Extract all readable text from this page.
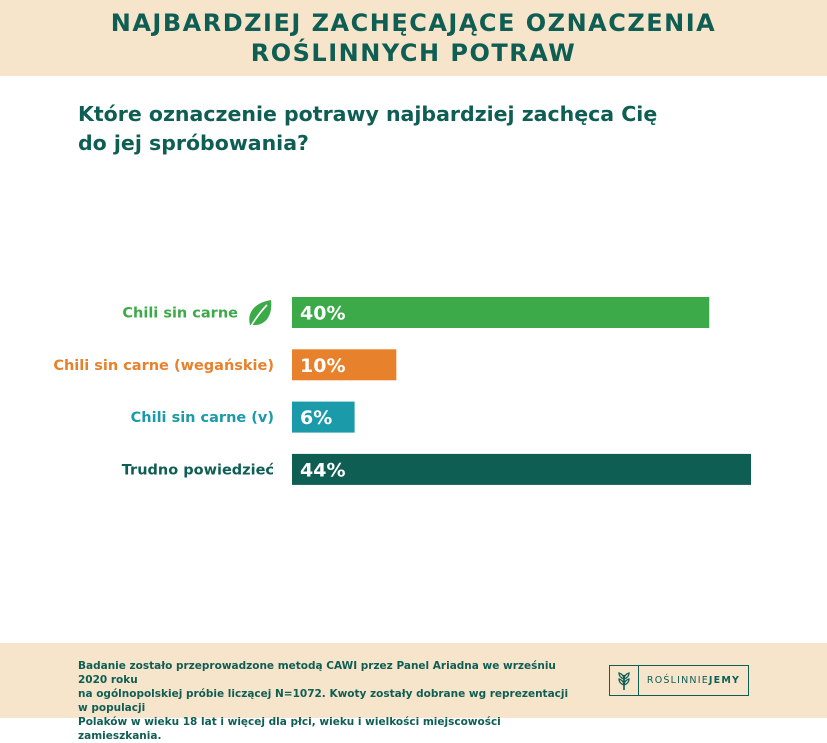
NAJBARDZIEJ ZACHĘCAJĄCE OZNACZENIA
ROŚLINNYCH POTRAW
Które oznaczenie potrawy najbardziej zachęca Cię
do jej spróbowania?
40%
Chili sin carne
10%
Chili sin carne (wegańskie)
6%
Chili sin carne (v)
44%
Trudno powiedzieć
Badanie zostało przeprowadzone metodą CAWI przez Panel Ariadna we wrześniu 2020 roku
na ogólnopolskiej próbie liczącej N=1072. Kwoty zostały dobrane wg reprezentacji w populacji
Polaków w wieku 18 lat i więcej dla płci, wieku i wielkości miejscowości zamieszkania.
ROŚLINNIEJEMY
